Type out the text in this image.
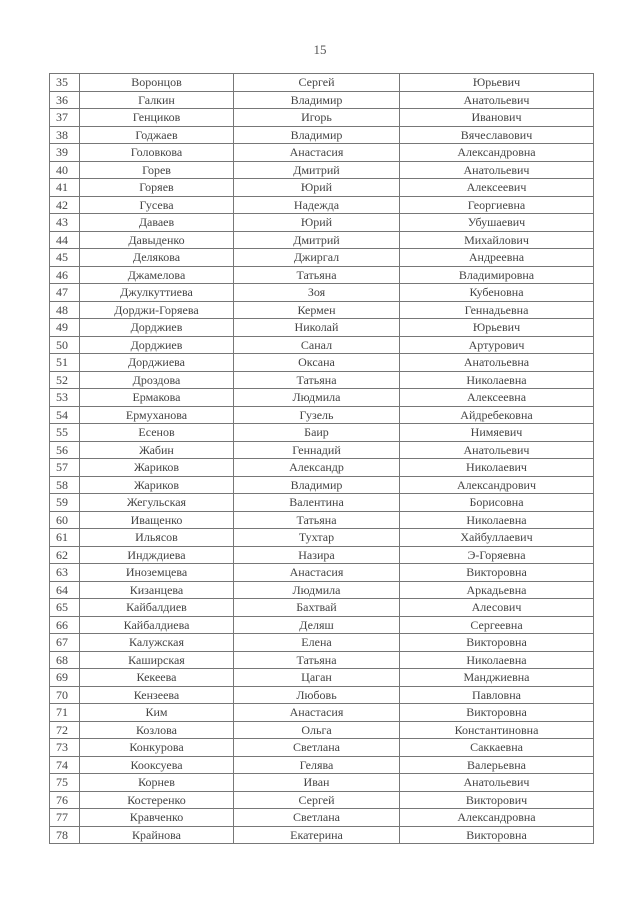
15
35	Воронцов	Сергей	Юрьевич
36	Галкин	Владимир	Анатольевич
37	Генциков	Игорь	Иванович
38	Годжаев	Владимир	Вячеславович
39	Головкова	Анастасия	Александровна
40	Горев	Дмитрий	Анатольевич
41	Горяев	Юрий	Алексеевич
42	Гусева	Надежда	Георгиевна
43	Даваев	Юрий	Убушаевич
44	Давыденко	Дмитрий	Михайлович
45	Делякова	Джиргал	Андреевна
46	Джамелова	Татьяна	Владимировна
47	Джулкуттиева	Зоя	Кубеновна
48	Дорджи-Горяева	Кермен	Геннадьевна
49	Дорджиев	Николай	Юрьевич
50	Дорджиев	Санал	Артурович
51	Дорджиева	Оксана	Анатольевна
52	Дроздова	Татьяна	Николаевна
53	Ермакова	Людмила	Алексеевна
54	Ермуханова	Гузель	Айдребековна
55	Есенов	Баир	Нимяевич
56	Жабин	Геннадий	Анатольевич
57	Жариков	Александр	Николаевич
58	Жариков	Владимир	Александрович
59	Жегульская	Валентина	Борисовна
60	Иващенко	Татьяна	Николаевна
61	Ильясов	Тухтар	Хайбуллаевич
62	Индждиева	Назира	Э-Горяевна
63	Иноземцева	Анастасия	Викторовна
64	Кизанцева	Людмила	Аркадьевна
65	Кайбалдиев	Бахтвай	Алесович
66	Кайбалдиева	Деляш	Сергеевна
67	Калужская	Елена	Викторовна
68	Каширская	Татьяна	Николаевна
69	Кекеева	Цаган	Манджиевна
70	Кензеева	Любовь	Павловна
71	Ким	Анастасия	Викторовна
72	Козлова	Ольга	Константиновна
73	Конкурова	Светлана	Саккаевна
74	Кооксуева	Гелява	Валерьевна
75	Корнев	Иван	Анатольевич
76	Костеренко	Сергей	Викторович
77	Кравченко	Светлана	Александровна
78	Крайнова	Екатерина	Викторовна
